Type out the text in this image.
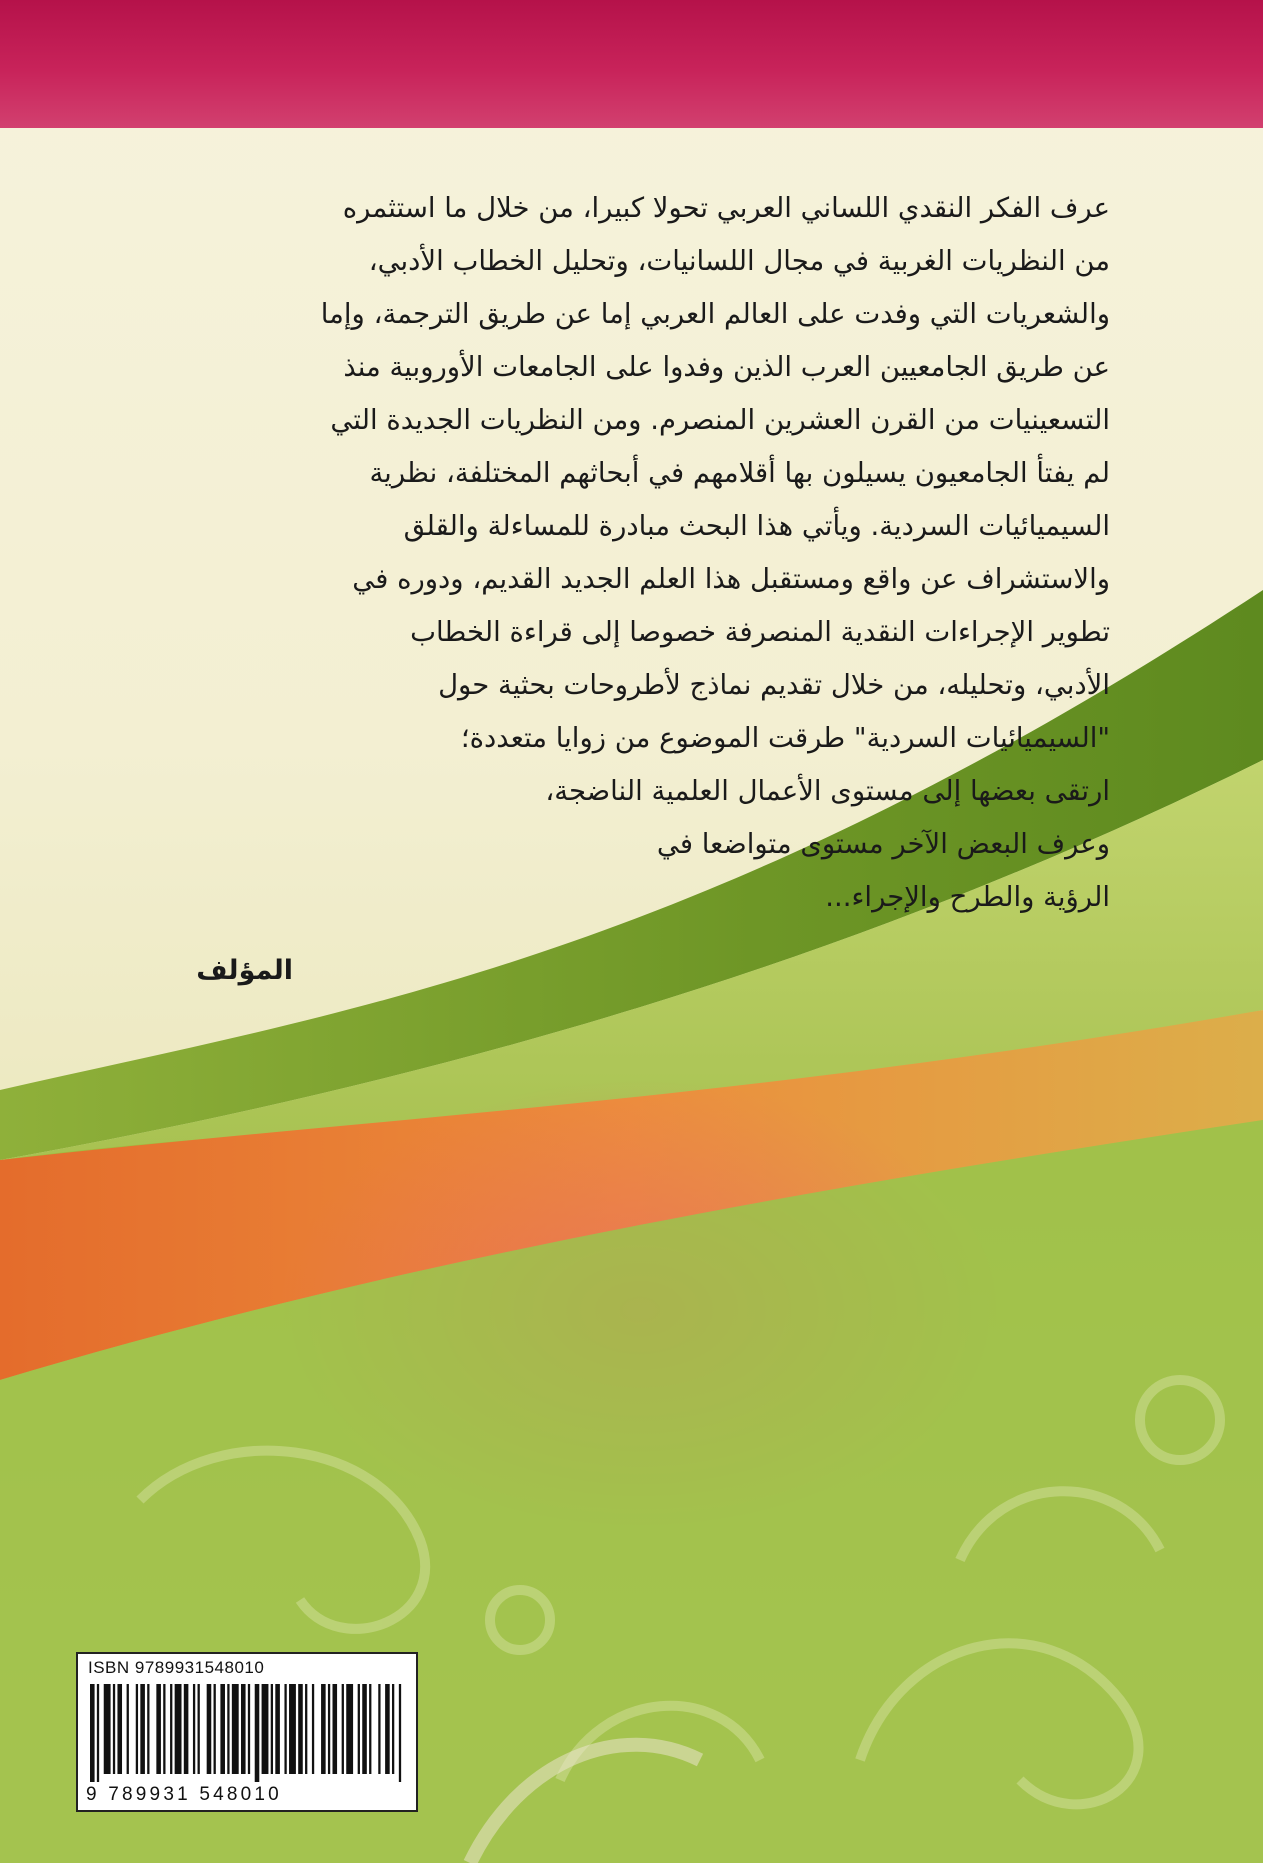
عرف الفكر النقدي اللساني العربي تحولا كبيرا، من خلال ما استثمره
من النظريات الغربية في مجال اللسانيات، وتحليل الخطاب الأدبي،
والشعريات التي وفدت على العالم العربي إما عن طريق الترجمة، وإما
عن طريق الجامعيين العرب الذين وفدوا على الجامعات الأوروبية منذ
التسعينيات من القرن العشرين المنصرم. ومن النظريات الجديدة التي
لم يفتأ الجامعيون يسيلون بها أقلامهم في أبحاثهم المختلفة، نظرية
السيميائيات السردية. ويأتي هذا البحث مبادرة للمساءلة والقلق
والاستشراف عن واقع ومستقبل هذا العلم الجديد القديم، ودوره في
تطوير الإجراءات النقدية المنصرفة خصوصا إلى قراءة الخطاب
الأدبي، وتحليله، من خلال تقديم نماذج لأطروحات بحثية حول
"السيميائيات السردية" طرقت الموضوع من زوايا متعددة؛
ارتقى بعضها إلى مستوى الأعمال العلمية الناضجة،
وعرف البعض الآخر مستوى متواضعا في
الرؤية والطرح والإجراء...

المؤلف
ISBN 9789931548010
9 789931 548010
